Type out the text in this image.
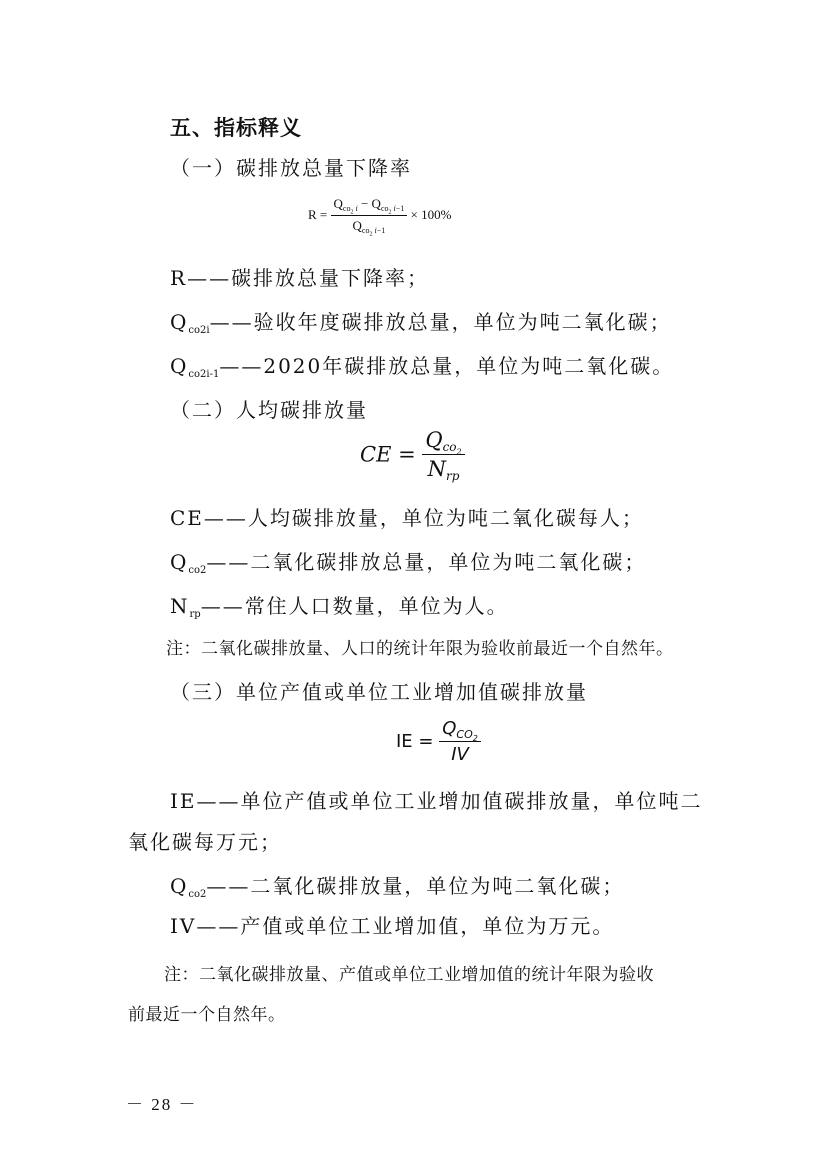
五、指标释义
（一）碳排放总量下降率
$R = \frac{Q_{co_2 i} - Q_{co_2 i-1}}{Q_{co_2 i-1}} \times 100\%$
R——碳排放总量下降率；
$Q_{co2i}——$验收年度碳排放总量，单位为吨二氧化碳；
$Q_{co2i-1}——2020$年碳排放总量，单位为吨二氧化碳。
（二）人均碳排放量
CE = $\frac{Qco_2}{\text{Nrp}}$
CE——人均碳排放量，单位为吨二氧化碳每人；
$Q_{co2}——$二氧化碳排放总量，单位为吨二氧化碳；
$N_{rp}——$常住人口数量，单位为人。
注：二氧化碳排放量、人口的统计年限为验收前最近一个自然年。
（三）单位产值或单位工业增加值碳排放量
IE = $\frac{Q_{CO_2}}{IV}$
IE——单位产值或单位工业增加值碳排放量，单位吨二
氧化碳每万元；
$Q_{co2}——$二氧化碳排放量，单位为吨二氧化碳；
IV——产值或单位工业增加值，单位为万元。
注：二氧化碳排放量、产值或单位工业增加值的统计年限为验收
前最近一个自然年。
－ 28 －
